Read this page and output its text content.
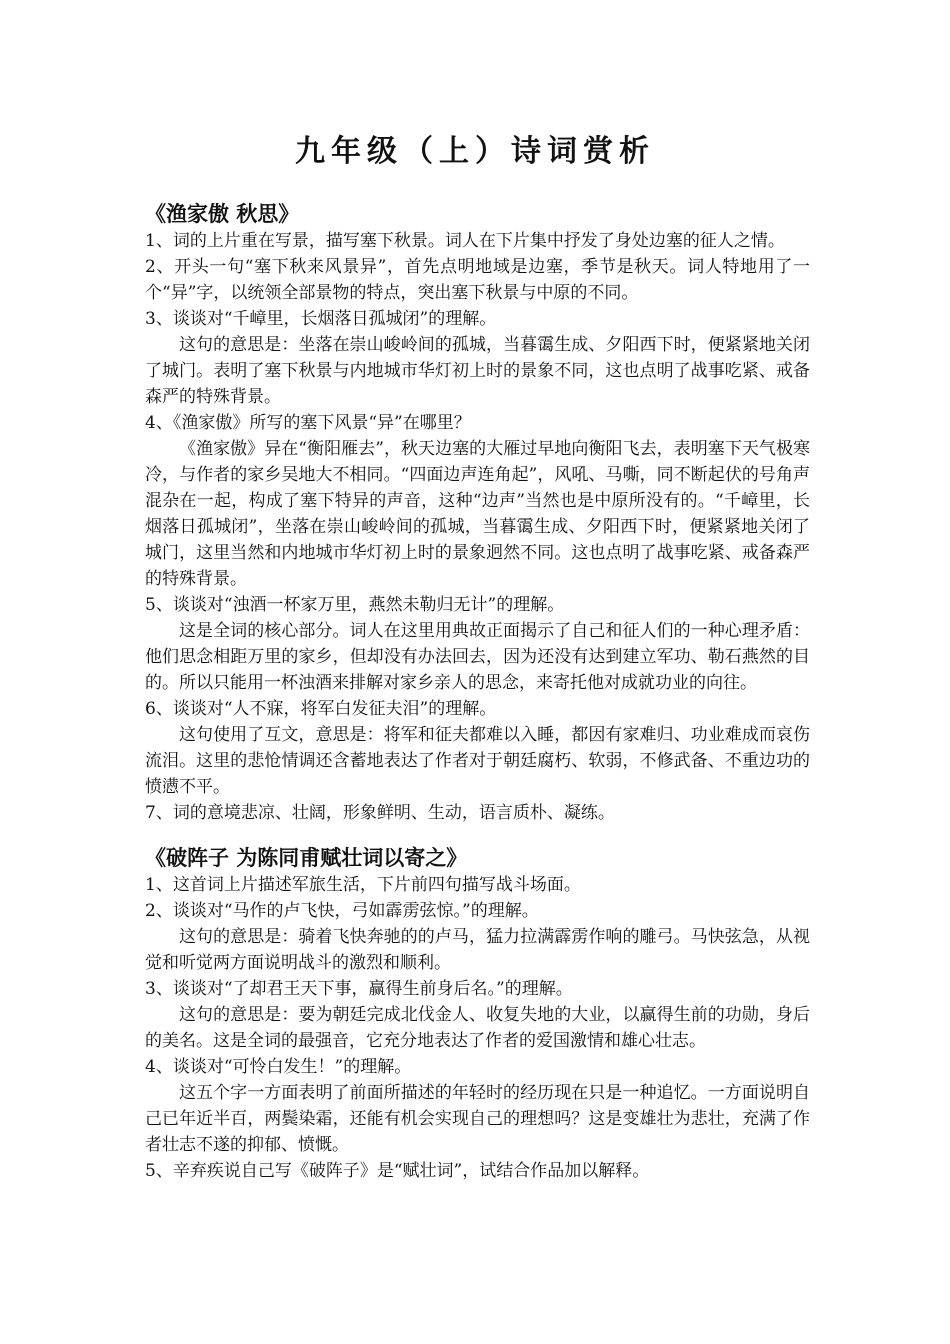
九年级（上）诗词赏析
《渔家傲 秋思》

1、词的上片重在写景，描写塞下秋景。词人在下片集中抒发了身处边塞的征人之情。

2、开头一句“塞下秋来风景异”，首先点明地域是边塞，季节是秋天。词人特地用了一个“异”字，以统领全部景物的特点，突出塞下秋景与中原的不同。

3、谈谈对“千嶂里，长烟落日孤城闭”的理解。

这句的意思是：坐落在崇山峻岭间的孤城，当暮霭生成、夕阳西下时，便紧紧地关闭了城门。表明了塞下秋景与内地城市华灯初上时的景象不同，这也点明了战事吃紧、戒备森严的特殊背景。

4、《渔家傲》所写的塞下风景“异”在哪里？

《渔家傲》异在“衡阳雁去”，秋天边塞的大雁过早地向衡阳飞去，表明塞下天气极寒冷，与作者的家乡吴地大不相同。“四面边声连角起”，风吼、马嘶，同不断起伏的号角声混杂在一起，构成了塞下特异的声音，这种“边声”当然也是中原所没有的。“千嶂里，长烟落日孤城闭”，坐落在崇山峻岭间的孤城，当暮霭生成、夕阳西下时，便紧紧地关闭了城门，这里当然和内地城市华灯初上时的景象迥然不同。这也点明了战事吃紧、戒备森严的特殊背景。

5、谈谈对“浊酒一杯家万里，燕然未勒归无计”的理解。

这是全词的核心部分。词人在这里用典故正面揭示了自己和征人们的一种心理矛盾：他们思念相距万里的家乡，但却没有办法回去，因为还没有达到建立军功、勒石燕然的目的。所以只能用一杯浊酒来排解对家乡亲人的思念，来寄托他对成就功业的向往。

6、谈谈对“人不寐，将军白发征夫泪”的理解。

这句使用了互文，意思是：将军和征夫都难以入睡，都因有家难归、功业难成而哀伤流泪。这里的悲怆情调还含蓄地表达了作者对于朝廷腐朽、软弱，不修武备、不重边功的愤懑不平。

7、词的意境悲凉、壮阔，形象鲜明、生动，语言质朴、凝练。

《破阵子 为陈同甫赋壮词以寄之》

1、这首词上片描述军旅生活，下片前四句描写战斗场面。

2、谈谈对“马作的卢飞快，弓如霹雳弦惊。”的理解。

这句的意思是：骑着飞快奔驰的的卢马，猛力拉满霹雳作响的雕弓。马快弦急，从视觉和听觉两方面说明战斗的激烈和顺利。

3、谈谈对“了却君王天下事，赢得生前身后名。”的理解。

这句的意思是：要为朝廷完成北伐金人、收复失地的大业，以赢得生前的功勋，身后的美名。这是全词的最强音，它充分地表达了作者的爱国激情和雄心壮志。

4、谈谈对“可怜白发生！”的理解。

这五个字一方面表明了前面所描述的年轻时的经历现在只是一种追忆。一方面说明自己已年近半百，两鬓染霜，还能有机会实现自己的理想吗？这是变雄壮为悲壮，充满了作者壮志不遂的抑郁、愤慨。

5、辛弃疾说自己写《破阵子》是“赋壮词”，试结合作品加以解释。
